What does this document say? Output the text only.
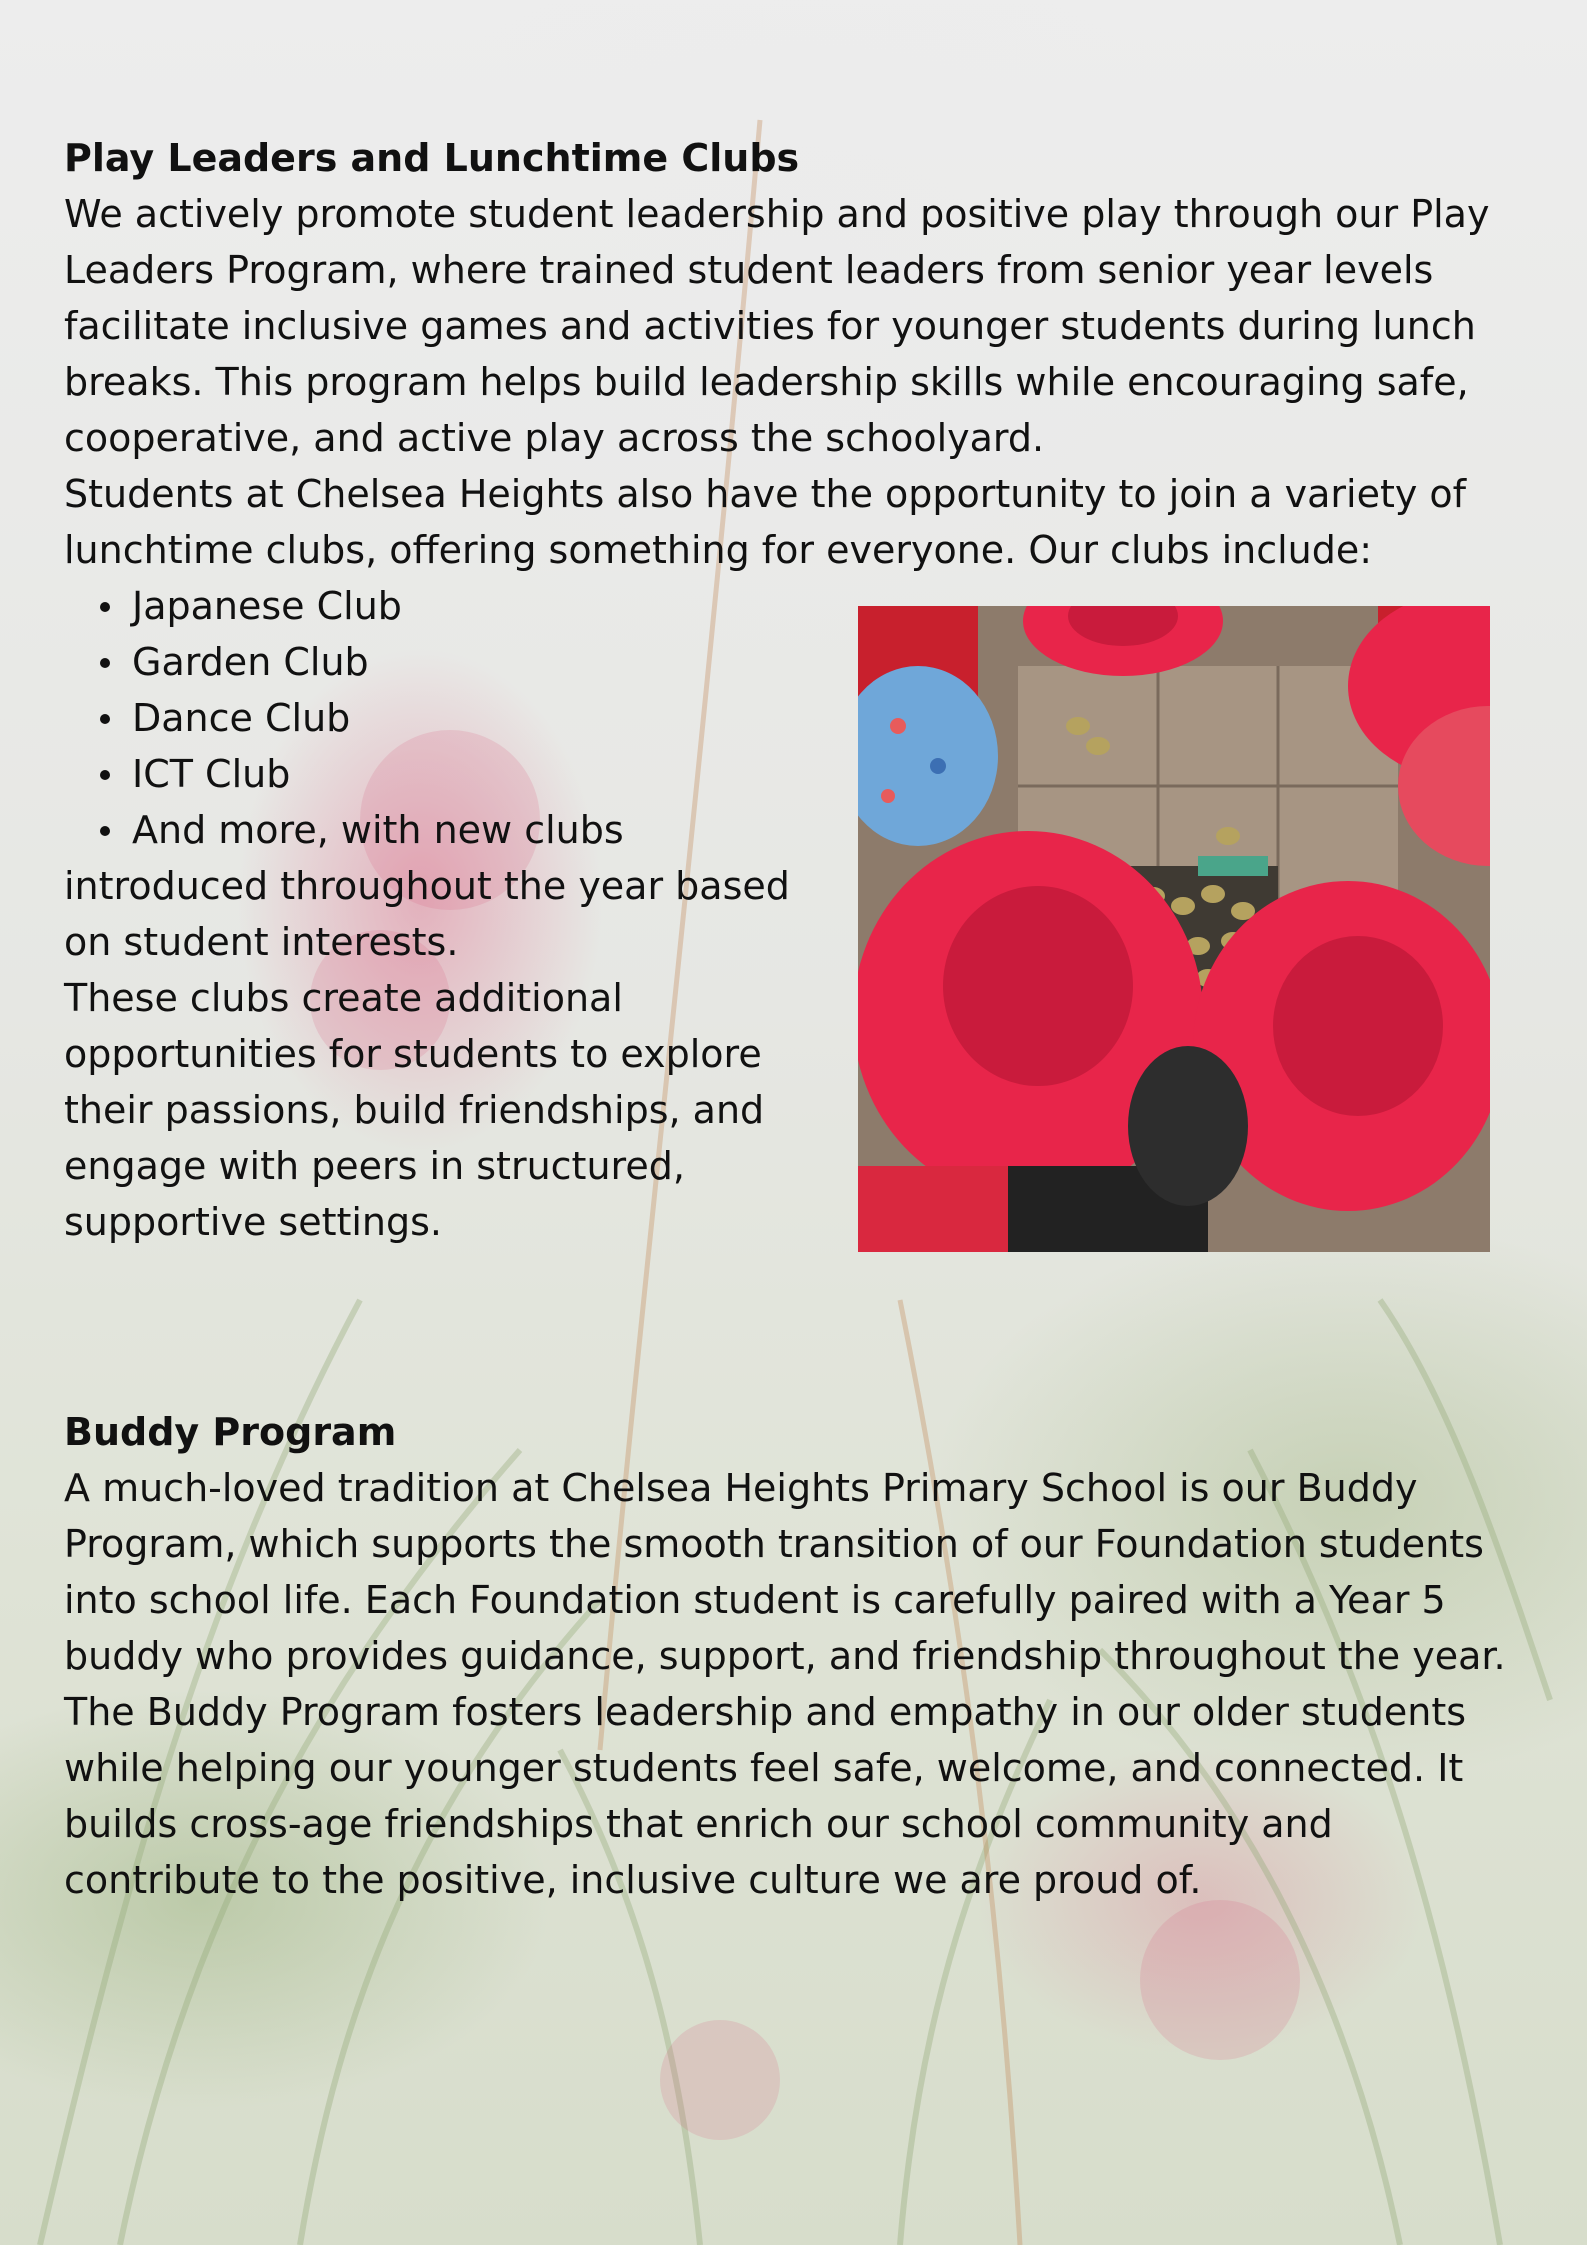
Play Leaders and Lunchtime Clubs

We actively promote student leadership and positive play through our Play Leaders Program, where trained student leaders from senior year levels facilitate inclusive games and activities for younger students during lunch breaks. This program helps build leadership skills while encouraging safe, cooperative, and active play across the schoolyard.

Students at Chelsea Heights also have the opportunity to join a variety of lunchtime clubs, offering something for everyone. Our clubs include:

Japanese Club
Garden Club
Dance Club
ICT Club
And more, with new clubs

introduced throughout the year based on student interests.

These clubs create additional opportunities for students to explore their passions, build friendships, and engage with peers in structured, supportive settings.

Buddy Program

A much-loved tradition at Chelsea Heights Primary School is our Buddy Program, which supports the smooth transition of our Foundation students into school life. Each Foundation student is carefully paired with a Year 5 buddy who provides guidance, support, and friendship throughout the year.

The Buddy Program fosters leadership and empathy in our older students while helping our younger students feel safe, welcome, and connected. It builds cross-age friendships that enrich our school community and contribute to the positive, inclusive culture we are proud of.
